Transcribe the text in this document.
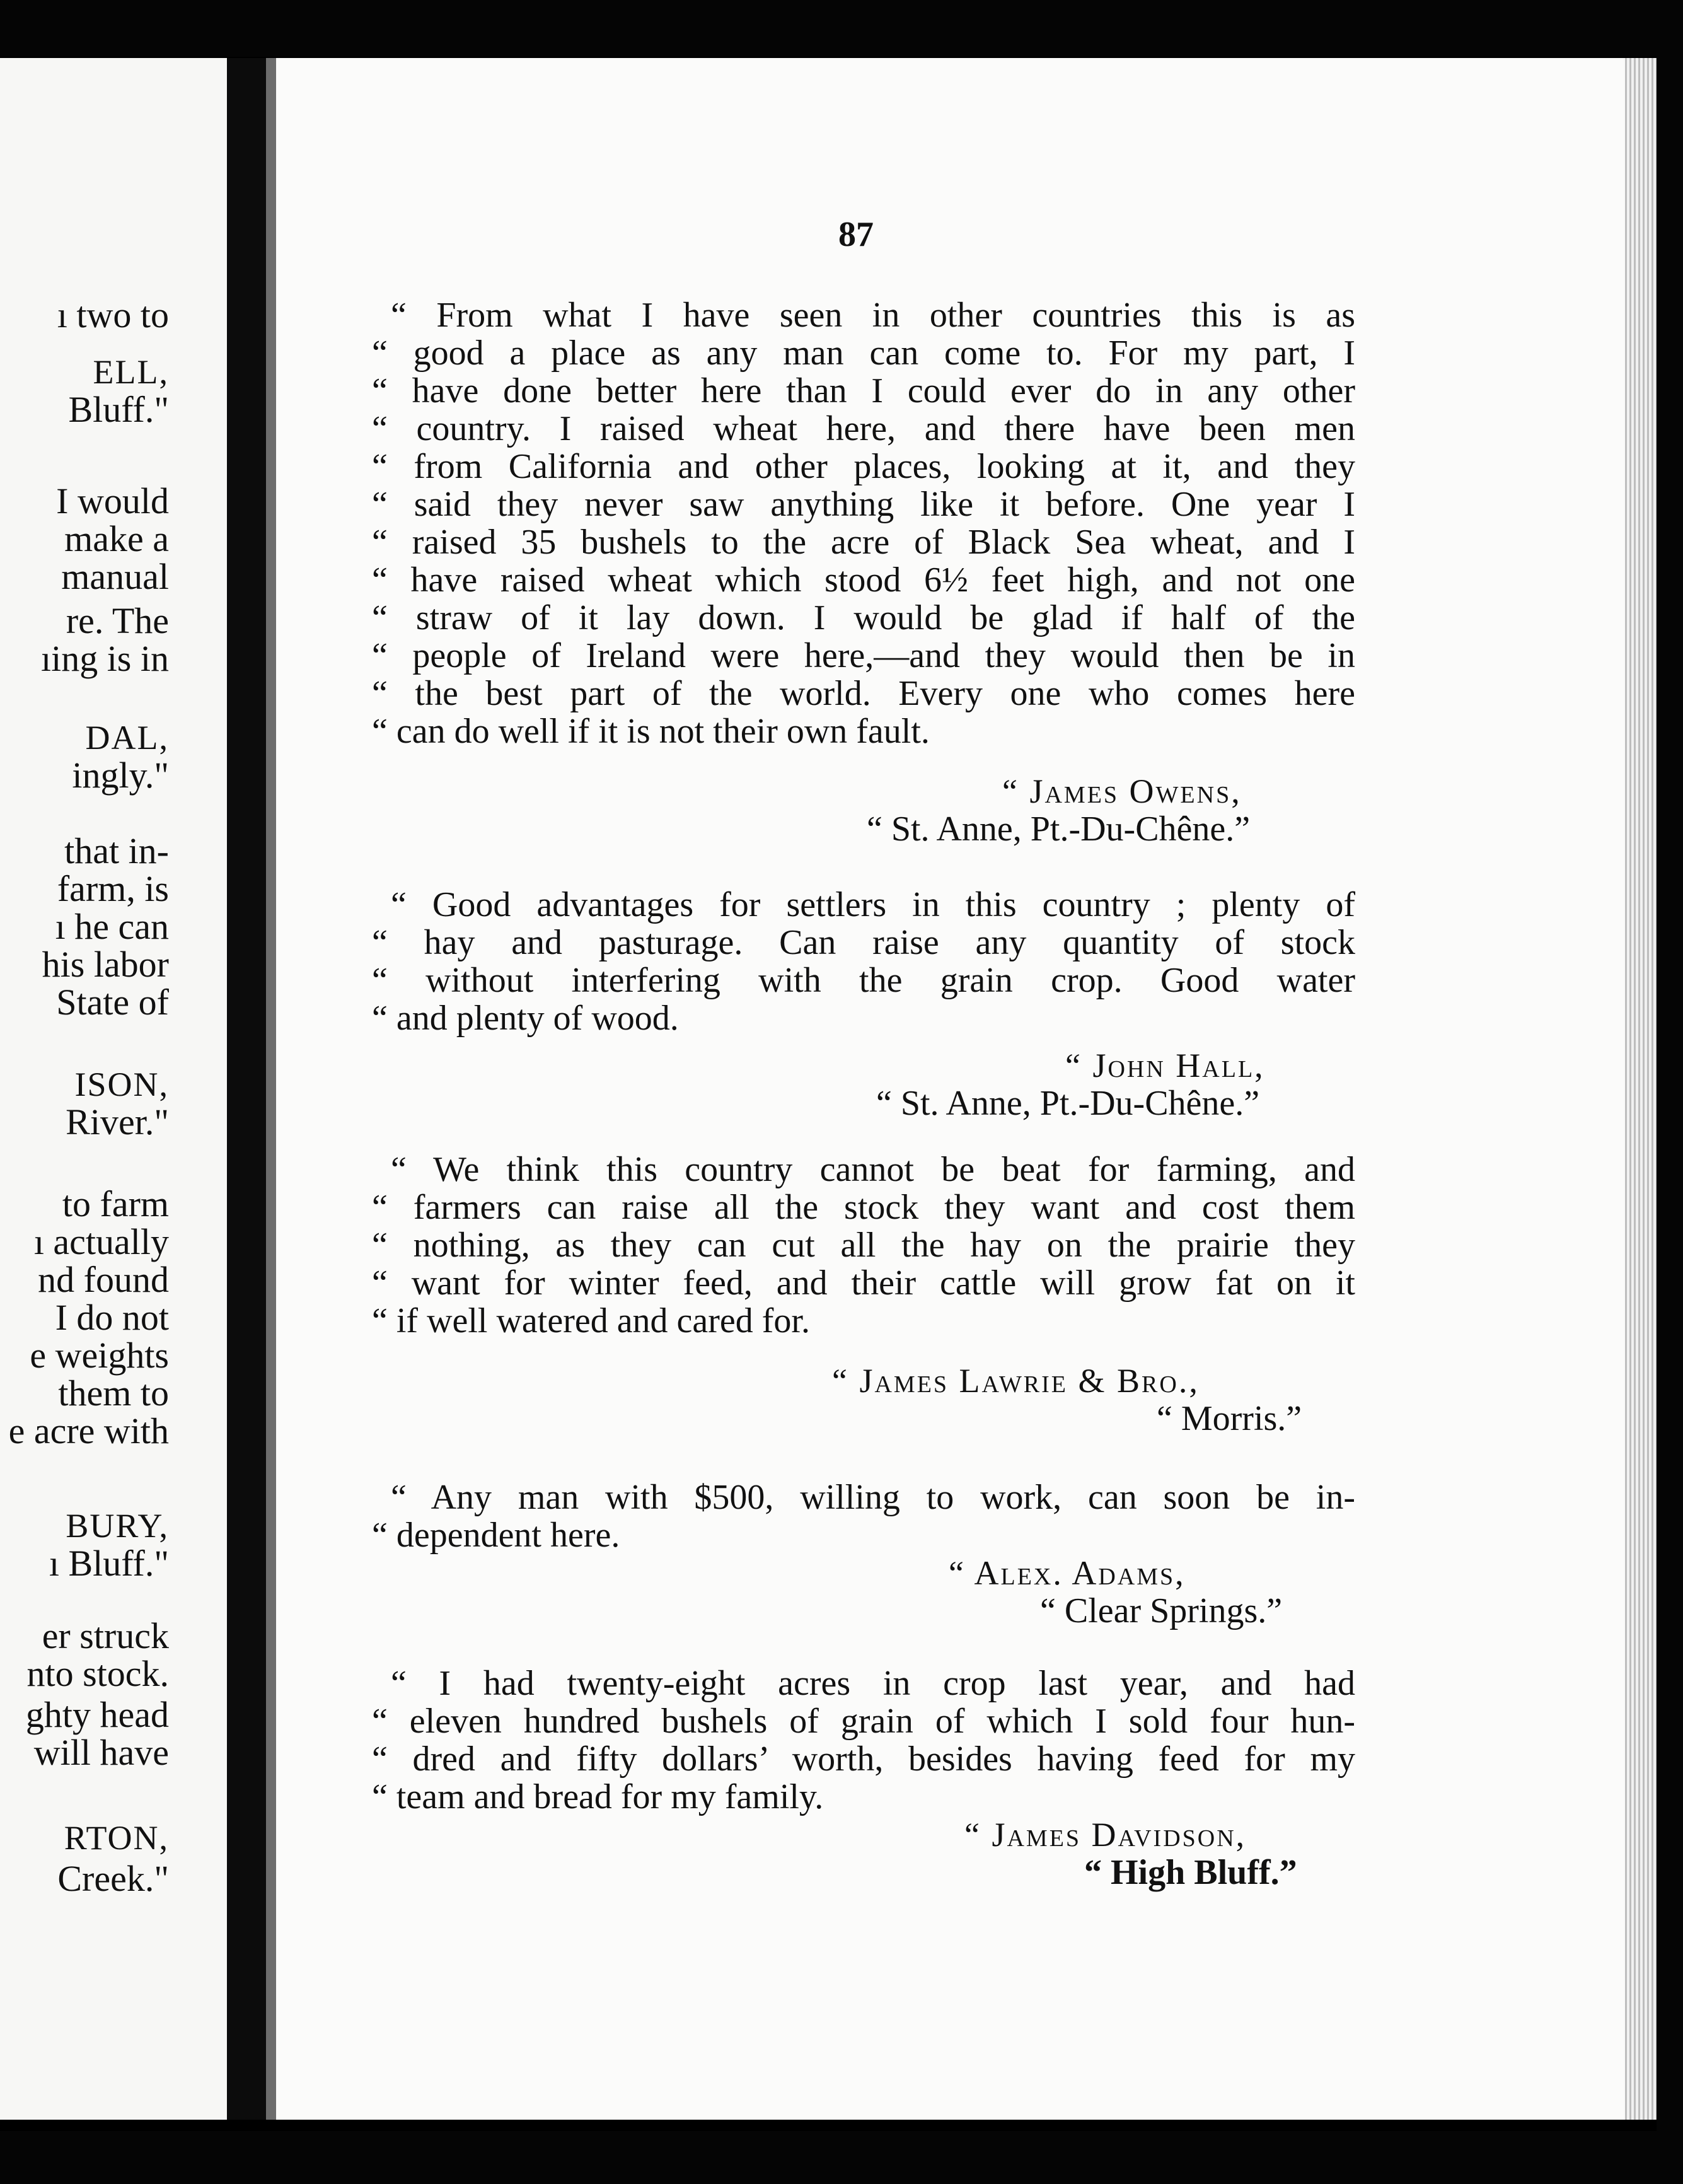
ı two to
ELL,
Bluff."
I would
make a
manual
re. The
ıing is in
DAL,
ingly."
that in-
farm, is
ı he can
his labor
State of
ISON,
River."
to farm
ı actually
nd found
I do not
e weights
them to
e acre with
BURY,
ı Bluff."
er struck
nto stock.
ghty head
will have
RTON,
Creek."
87
“ From what I have seen in other countries this is as
“ good a place as any man can come to. For my part, I
“ have done better here than I could ever do in any other
“ country. I raised wheat here, and there have been men
“ from California and other places, looking at it, and they
“ said they never saw anything like it before. One year I
“ raised 35 bushels to the acre of Black Sea wheat, and I
“ have raised wheat which stood 6½ feet high, and not one
“ straw of it lay down. I would be glad if half of the
“ people of Ireland were here,—and they would then be in
“ the best part of the world. Every one who comes here
“ can do well if it is not their own fault.
“ James Owens,
“ St. Anne, Pt.-Du-Chêne.”
“ Good advantages for settlers in this country ; plenty of
“ hay and pasturage. Can raise any quantity of stock
“ without interfering with the grain crop. Good water
“ and plenty of wood.
“ John Hall,
“ St. Anne, Pt.-Du-Chêne.”
“ We think this country cannot be beat for farming, and
“ farmers can raise all the stock they want and cost them
“ nothing, as they can cut all the hay on the prairie they
“ want for winter feed, and their cattle will grow fat on it
“ if well watered and cared for.
“ James Lawrie & Bro.,
“ Morris.”
“ Any man with $500, willing to work, can soon be in-
“ dependent here.
“ Alex. Adams,
“ Clear Springs.”
“ I had twenty-eight acres in crop last year, and had
“ eleven hundred bushels of grain of which I sold four hun-
“ dred and fifty dollars’ worth, besides having feed for my
“ team and bread for my family.
“ James Davidson,
“ High Bluff.”
